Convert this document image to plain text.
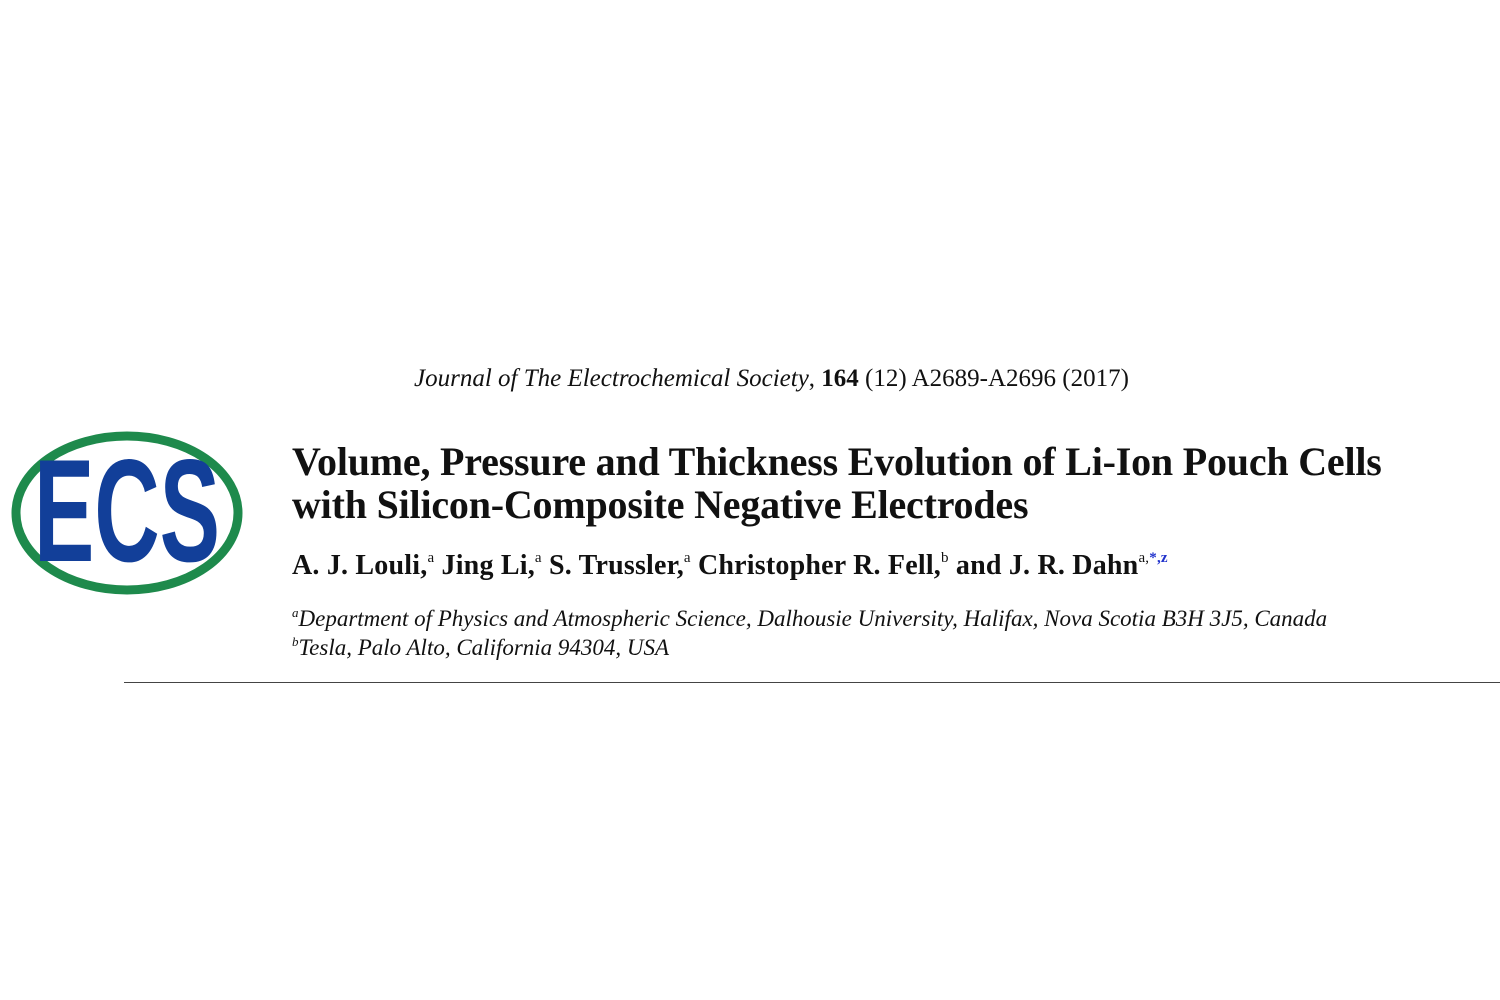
Journal of The Electrochemical Society, 164 (12) A2689-A2696 (2017)
ECS Volume, Pressure and Thickness Evolution of Li-Ion Pouch Cells
with Silicon-Composite Negative Electrodes
A. J. Louli,$^a$ Jing Li,$^a$ S. Trussler,$^a$ Christopher R. Fell,$^b$ and J. R. Dahn$^{a,*,z}$
$^a$Department of Physics and Atmospheric Science, Dalhousie University, Halifax, Nova Scotia B3H 3J5, Canada
$^b$Tesla, Palo Alto, California 94304, USA
